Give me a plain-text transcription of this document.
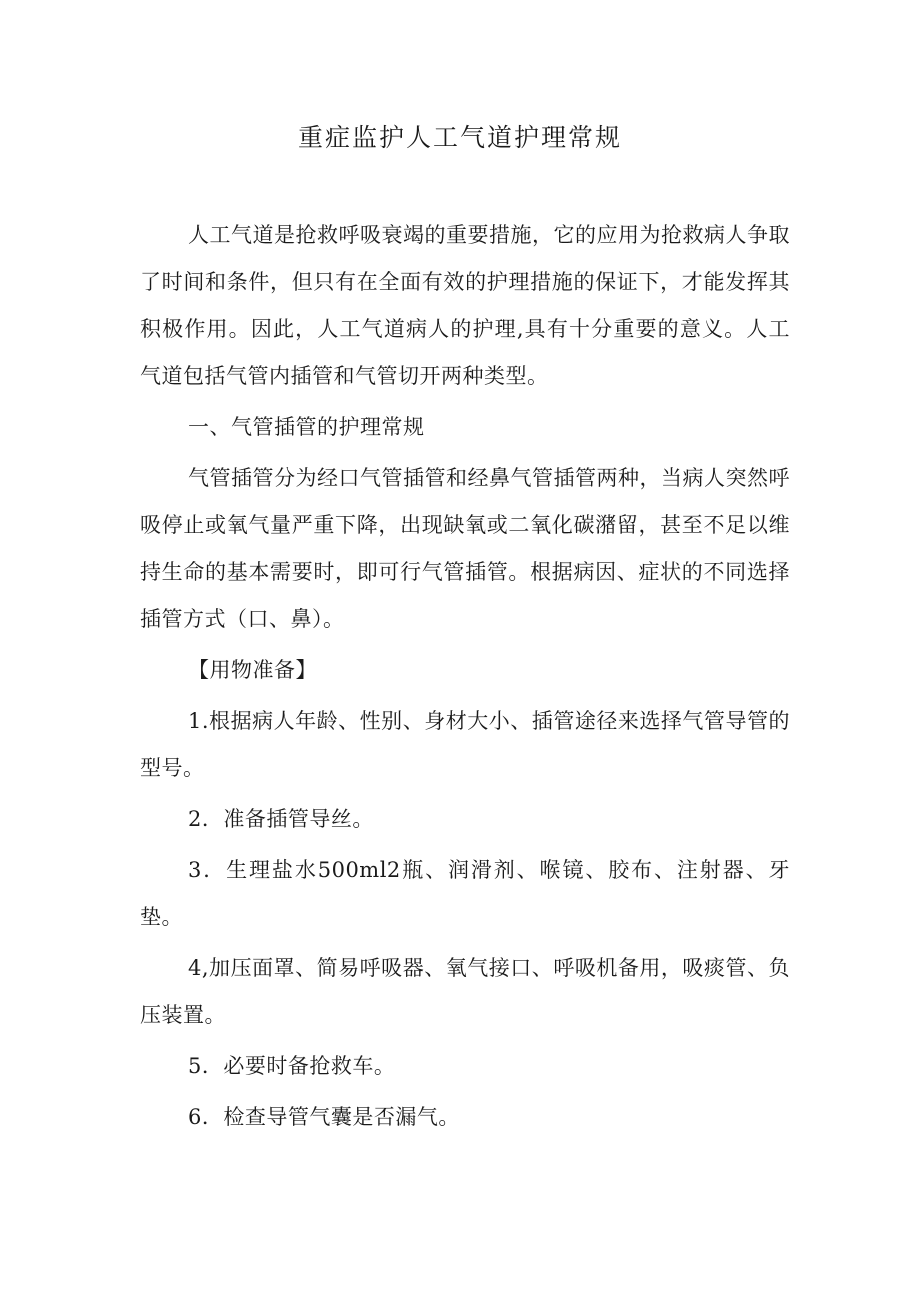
重症监护人工气道护理常规

人工气道是抢救呼吸衰竭的重要措施，它的应用为抢救病人争取了时间和条件，但只有在全面有效的护理措施的保证下，才能发挥其积极作用。因此，人工气道病人的护理,具有十分重要的意义。人工气道包括气管内插管和气管切开两种类型。

一、气管插管的护理常规

气管插管分为经口气管插管和经鼻气管插管两种，当病人突然呼吸停止或氧气量严重下降，出现缺氧或二氧化碳潴留，甚至不足以维持生命的基本需要时，即可行气管插管。根据病因、症状的不同选择插管方式（口、鼻）。

【用物准备】

1.根据病人年龄、性别、身材大小、插管途径来选择气管导管的型号。

2．准备插管导丝。

3．生理盐水500ml2瓶、润滑剂、喉镜、胶布、注射器、牙垫。

4,加压面罩、简易呼吸器、氧气接口、呼吸机备用，吸痰管、负压装置。

5．必要时备抢救车。

6．检查导管气囊是否漏气。
